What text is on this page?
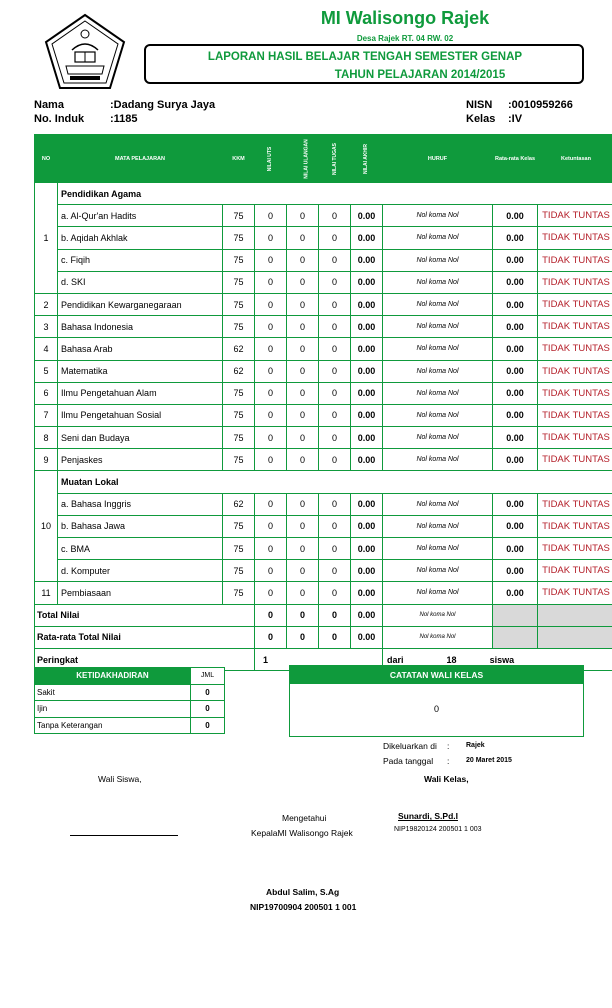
MI Walisongo Rajek
Desa Rajek RT. 04 RW. 02
LAPORAN HASIL BELAJAR TENGAH SEMESTER GENAP
TAHUN PELAJARAN 2014/2015
Nama	:Dadang Surya Jaya
No. Induk :1185
NISN :0010959266
Kelas :IV
NO	MATA PELAJARAN	KKM	NILAI UTS	NILAI ULANGAN	NILAI TUGAS	NILAI AKHIR	HURUF	Rata-rata Kelas	Ketuntasan
1	Pendidikan Agama								
	a. Al-Qur'an Hadits	75	0	0	0	0.00	Nol koma Nol	0.00	TIDAK TUNTAS
	b. Aqidah Akhlak	75	0	0	0	0.00	Nol koma Nol	0.00	TIDAK TUNTAS
	c. Fiqih	75	0	0	0	0.00	Nol koma Nol	0.00	TIDAK TUNTAS
	d. SKI	75	0	0	0	0.00	Nol koma Nol	0.00	TIDAK TUNTAS
2	Pendidikan Kewarganegaraan	75	0	0	0	0.00	Nol koma Nol	0.00	TIDAK TUNTAS
3	Bahasa Indonesia	75	0	0	0	0.00	Nol koma Nol	0.00	TIDAK TUNTAS
4	Bahasa Arab	62	0	0	0	0.00	Nol koma Nol	0.00	TIDAK TUNTAS
5	Matematika	62	0	0	0	0.00	Nol koma Nol	0.00	TIDAK TUNTAS
6	Ilmu Pengetahuan Alam	75	0	0	0	0.00	Nol koma Nol	0.00	TIDAK TUNTAS
7	Ilmu Pengetahuan Sosial	75	0	0	0	0.00	Nol koma Nol	0.00	TIDAK TUNTAS
8	Seni dan Budaya	75	0	0	0	0.00	Nol koma Nol	0.00	TIDAK TUNTAS
9	Penjaskes	75	0	0	0	0.00	Nol koma Nol	0.00	TIDAK TUNTAS
10	Muatan Lokal								
	a. Bahasa Inggris	62	0	0	0	0.00	Nol koma Nol	0.00	TIDAK TUNTAS
	b. Bahasa Jawa	75	0	0	0	0.00	Nol koma Nol	0.00	TIDAK TUNTAS
	c. BMA	75	0	0	0	0.00	Nol koma Nol	0.00	TIDAK TUNTAS
	d. Komputer	75	0	0	0	0.00	Nol koma Nol	0.00	TIDAK TUNTAS
11	Pembiasaan	75	0	0	0	0.00	Nol koma Nol	0.00	TIDAK TUNTAS
Total Nilai			0	0	0	0.00	Nol koma Nol		
Rata-rata Total Nilai			0	0	0	0.00	Nol koma Nol		
Peringkat			1				dari 18 siswa		
KETIDAKHADIRAN	JML
Sakit	0
Ijin	0
Tanpa Keterangan	0
CATATAN WALI KELAS
0
Dikeluarkan di : Rajek
Pada tanggal : 20 Maret 2015
Wali Siswa,	Wali Kelas,
Sunardi, S.Pd.I
NIP19820124 200501 1 003
Mengetahui
KepalaMI Walisongo Rajek
Abdul Salim, S.Ag
NIP19700904 200501 1 001
